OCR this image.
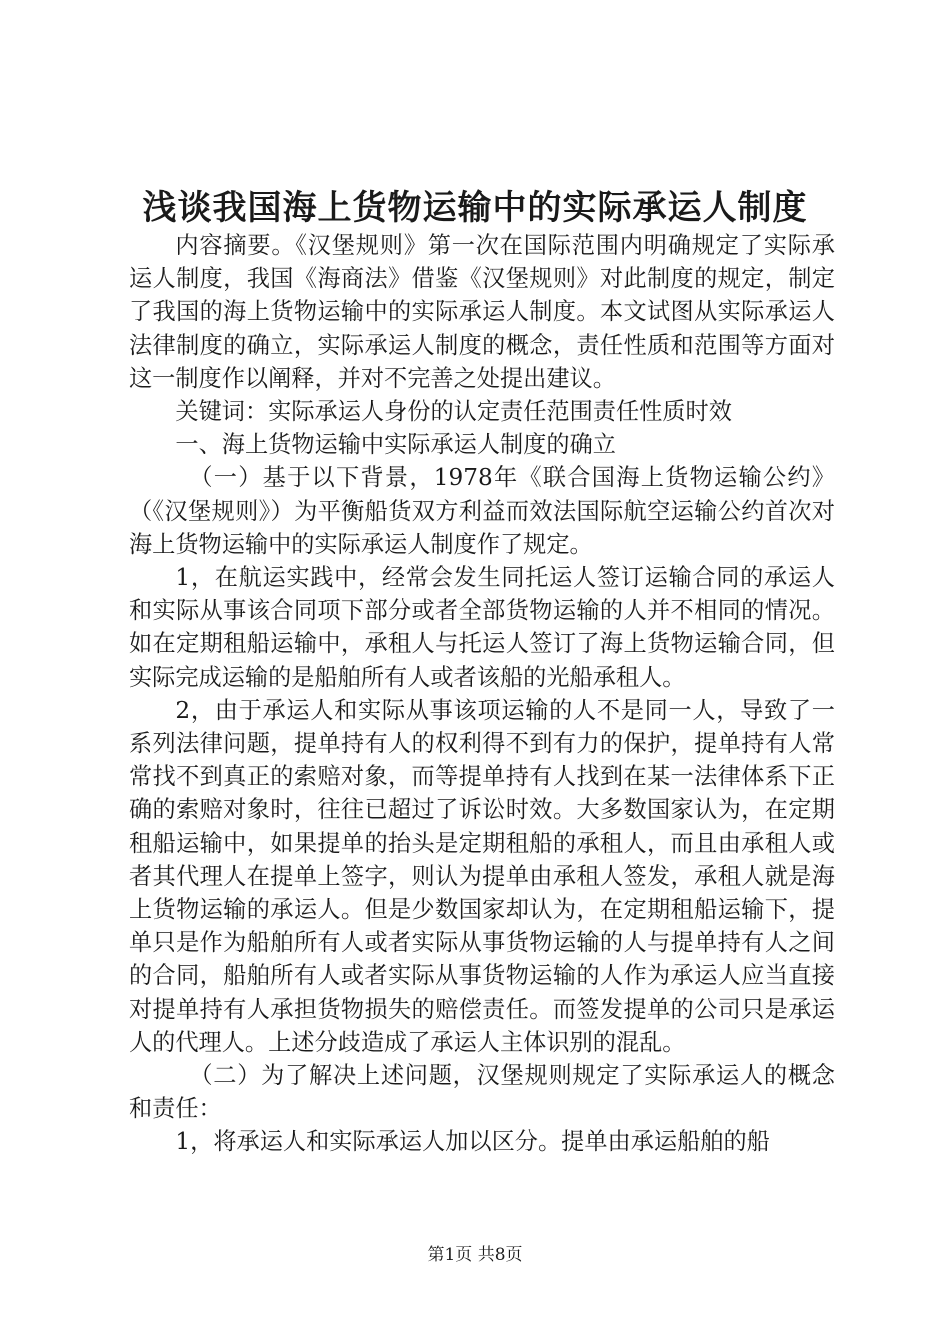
浅谈我国海上货物运输中的实际承运人制度

内容摘要。《汉堡规则》第一次在国际范围内明确规定了实际承运人制度，我国《海商法》借鉴《汉堡规则》对此制度的规定，制定了我国的海上货物运输中的实际承运人制度。本文试图从实际承运人法律制度的确立，实际承运人制度的概念，责任性质和范围等方面对这一制度作以阐释，并对不完善之处提出建议。

关键词：实际承运人身份的认定责任范围责任性质时效

一、海上货物运输中实际承运人制度的确立

（一）基于以下背景，1978年《联合国海上货物运输公约》（《汉堡规则》）为平衡船货双方利益而效法国际航空运输公约首次对海上货物运输中的实际承运人制度作了规定。

1，在航运实践中，经常会发生同托运人签订运输合同的承运人和实际从事该合同项下部分或者全部货物运输的人并不相同的情况。如在定期租船运输中，承租人与托运人签订了海上货物运输合同，但实际完成运输的是船舶所有人或者该船的光船承租人。

2，由于承运人和实际从事该项运输的人不是同一人，导致了一系列法律问题，提单持有人的权利得不到有力的保护，提单持有人常常找不到真正的索赔对象，而等提单持有人找到在某一法律体系下正确的索赔对象时，往往已超过了诉讼时效。大多数国家认为，在定期租船运输中，如果提单的抬头是定期租船的承租人，而且由承租人或者其代理人在提单上签字，则认为提单由承租人签发，承租人就是海上货物运输的承运人。但是少数国家却认为，在定期租船运输下，提单只是作为船舶所有人或者实际从事货物运输的人与提单持有人之间的合同，船舶所有人或者实际从事货物运输的人作为承运人应当直接对提单持有人承担货物损失的赔偿责任。而签发提单的公司只是承运人的代理人。上述分歧造成了承运人主体识别的混乱。

（二）为了解决上述问题，汉堡规则规定了实际承运人的概念和责任：

1，将承运人和实际承运人加以区分。提单由承运船舶的船

第1页 共8页
